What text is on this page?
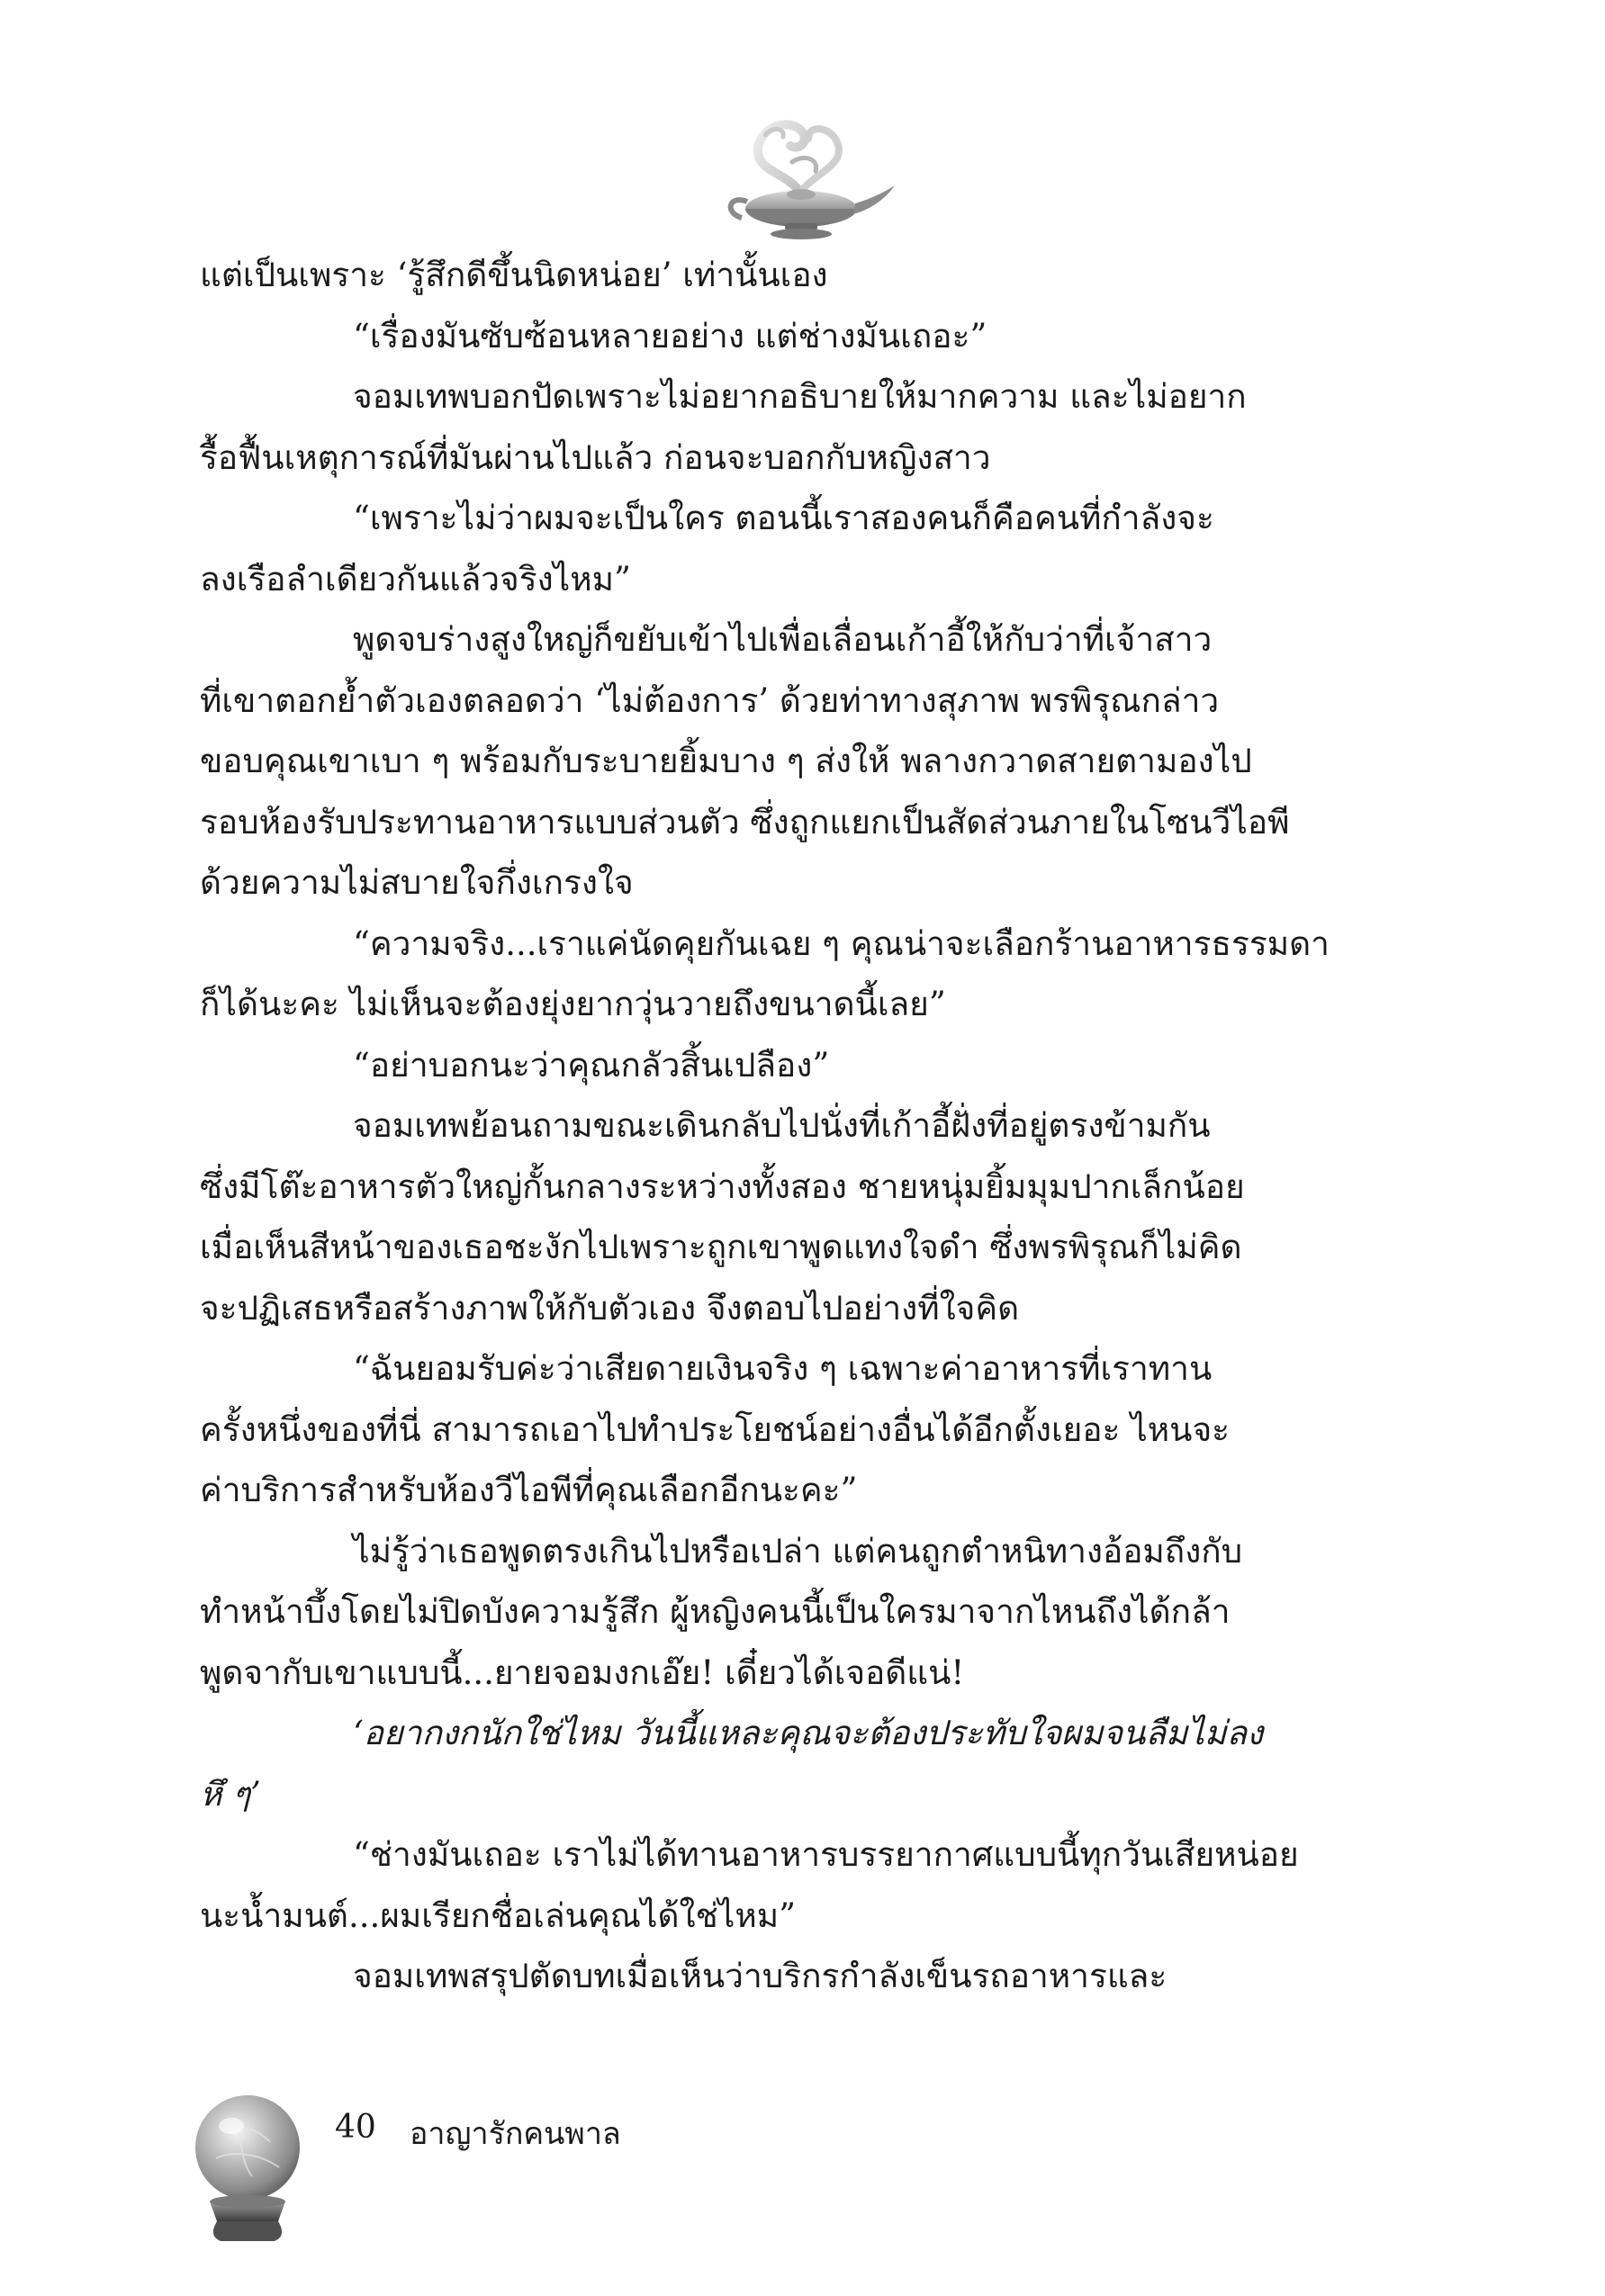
แต่เป็นเพราะ ‘รู้สึกดีขึ้นนิดหน่อย’ เท่านั้นเอง
“เรื่องมันซับซ้อนหลายอย่าง แต่ช่างมันเถอะ”
จอมเทพบอกปัดเพราะไม่อยากอธิบายให้มากความ และไม่อยาก
รื้อฟื้นเหตุการณ์ที่มันผ่านไปแล้ว ก่อนจะบอกกับหญิงสาว
“เพราะไม่ว่าผมจะเป็นใคร ตอนนี้เราสองคนก็คือคนที่กำลังจะ
ลงเรือลำเดียวกันแล้วจริงไหม”
พูดจบร่างสูงใหญ่ก็ขยับเข้าไปเพื่อเลื่อนเก้าอี้ให้กับว่าที่เจ้าสาว
ที่เขาตอกย้ำตัวเองตลอดว่า ‘ไม่ต้องการ’ ด้วยท่าทางสุภาพ พรพิรุณกล่าว
ขอบคุณเขาเบา ๆ พร้อมกับระบายยิ้มบาง ๆ ส่งให้ พลางกวาดสายตามองไป
รอบห้องรับประทานอาหารแบบส่วนตัว ซึ่งถูกแยกเป็นสัดส่วนภายในโซนวีไอพี
ด้วยความไม่สบายใจกึ่งเกรงใจ
“ความจริง...เราแค่นัดคุยกันเฉย ๆ คุณน่าจะเลือกร้านอาหารธรรมดา
ก็ได้นะคะ ไม่เห็นจะต้องยุ่งยากวุ่นวายถึงขนาดนี้เลย”
“อย่าบอกนะว่าคุณกลัวสิ้นเปลือง”
จอมเทพย้อนถามขณะเดินกลับไปนั่งที่เก้าอี้ฝั่งที่อยู่ตรงข้ามกัน
ซึ่งมีโต๊ะอาหารตัวใหญ่กั้นกลางระหว่างทั้งสอง ชายหนุ่มยิ้มมุมปากเล็กน้อย
เมื่อเห็นสีหน้าของเธอชะงักไปเพราะถูกเขาพูดแทงใจดำ ซึ่งพรพิรุณก็ไม่คิด
จะปฏิเสธหรือสร้างภาพให้กับตัวเอง จึงตอบไปอย่างที่ใจคิด
“ฉันยอมรับค่ะว่าเสียดายเงินจริง ๆ เฉพาะค่าอาหารที่เราทาน
ครั้งหนึ่งของที่นี่ สามารถเอาไปทำประโยชน์อย่างอื่นได้อีกตั้งเยอะ ไหนจะ
ค่าบริการสำหรับห้องวีไอพีที่คุณเลือกอีกนะคะ”
ไม่รู้ว่าเธอพูดตรงเกินไปหรือเปล่า แต่คนถูกตำหนิทางอ้อมถึงกับ
ทำหน้าบึ้งโดยไม่ปิดบังความรู้สึก ผู้หญิงคนนี้เป็นใครมาจากไหนถึงได้กล้า
พูดจากับเขาแบบนี้...ยายจอมงกเอ๊ย! เดี๋ยวได้เจอดีแน่!
‘อยากงกนักใช่ไหม วันนี้แหละคุณจะต้องประทับใจผมจนลืมไม่ลง
หึ ๆ’
“ช่างมันเถอะ เราไม่ได้ทานอาหารบรรยากาศแบบนี้ทุกวันเสียหน่อย
นะน้ำมนต์...ผมเรียกชื่อเล่นคุณได้ใช่ไหม”
จอมเทพสรุปตัดบทเมื่อเห็นว่าบริกรกำลังเข็นรถอาหารและ
40 อาญารักคนพาล
